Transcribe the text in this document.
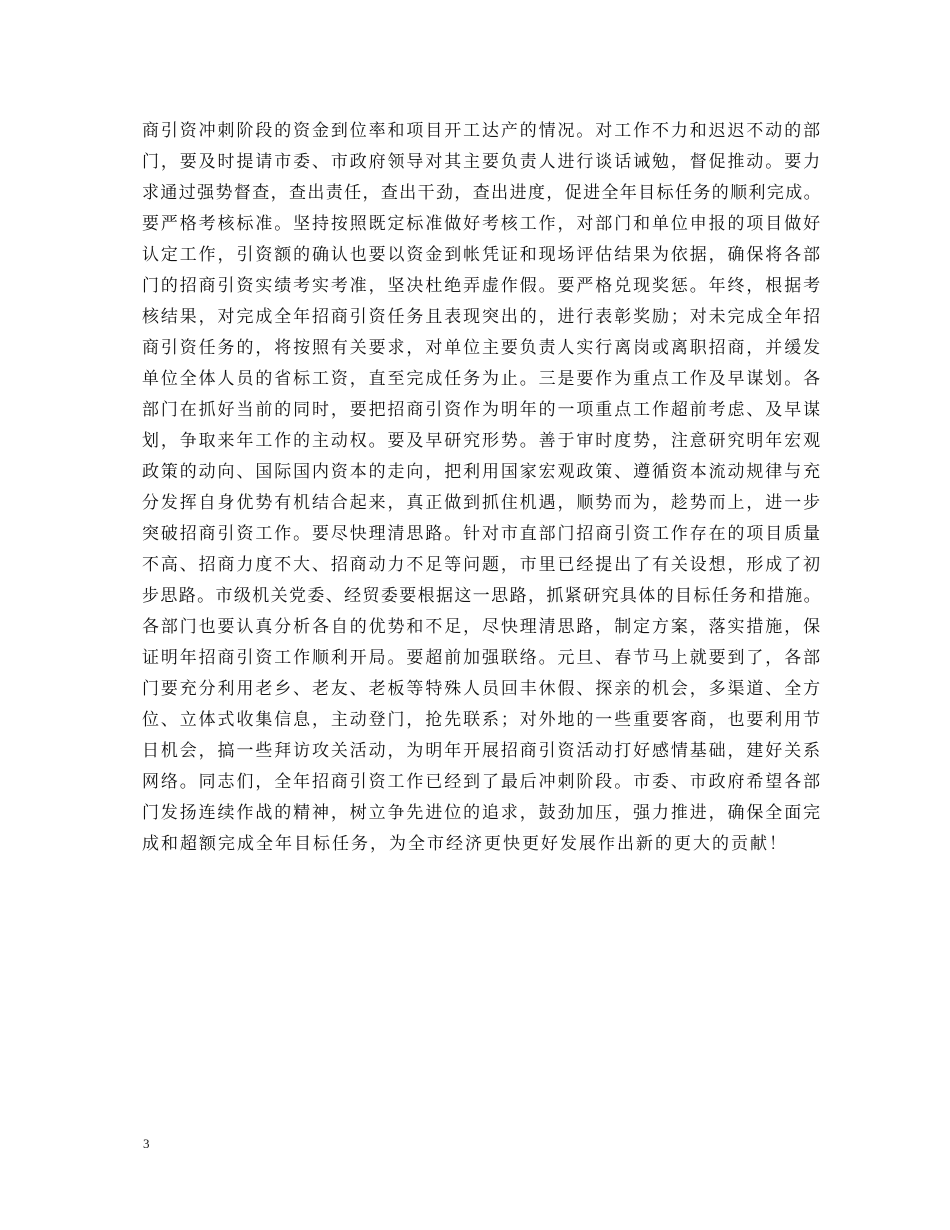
商引资冲刺阶段的资金到位率和项目开工达产的情况。对工作不力和迟迟不动的部
门，要及时提请市委、市政府领导对其主要负责人进行谈话诫勉，督促推动。要力
求通过强势督查，查出责任，查出干劲，查出进度，促进全年目标任务的顺利完成。
要严格考核标准。坚持按照既定标准做好考核工作，对部门和单位申报的项目做好
认定工作，引资额的确认也要以资金到帐凭证和现场评估结果为依据，确保将各部
门的招商引资实绩考实考准，坚决杜绝弄虚作假。要严格兑现奖惩。年终，根据考
核结果，对完成全年招商引资任务且表现突出的，进行表彰奖励；对未完成全年招
商引资任务的，将按照有关要求，对单位主要负责人实行离岗或离职招商，并缓发
单位全体人员的省标工资，直至完成任务为止。三是要作为重点工作及早谋划。各
部门在抓好当前的同时，要把招商引资作为明年的一项重点工作超前考虑、及早谋
划，争取来年工作的主动权。要及早研究形势。善于审时度势，注意研究明年宏观
政策的动向、国际国内资本的走向，把利用国家宏观政策、遵循资本流动规律与充
分发挥自身优势有机结合起来，真正做到抓住机遇，顺势而为，趁势而上，进一步
突破招商引资工作。要尽快理清思路。针对市直部门招商引资工作存在的项目质量
不高、招商力度不大、招商动力不足等问题，市里已经提出了有关设想，形成了初
步思路。市级机关党委、经贸委要根据这一思路，抓紧研究具体的目标任务和措施。
各部门也要认真分析各自的优势和不足，尽快理清思路，制定方案，落实措施，保
证明年招商引资工作顺利开局。要超前加强联络。元旦、春节马上就要到了，各部
门要充分利用老乡、老友、老板等特殊人员回丰休假、探亲的机会，多渠道、全方
位、立体式收集信息，主动登门，抢先联系；对外地的一些重要客商，也要利用节
日机会，搞一些拜访攻关活动，为明年开展招商引资活动打好感情基础，建好关系
网络。同志们，全年招商引资工作已经到了最后冲刺阶段。市委、市政府希望各部
门发扬连续作战的精神，树立争先进位的追求，鼓劲加压，强力推进，确保全面完
成和超额完成全年目标任务，为全市经济更快更好发展作出新的更大的贡献！
3
